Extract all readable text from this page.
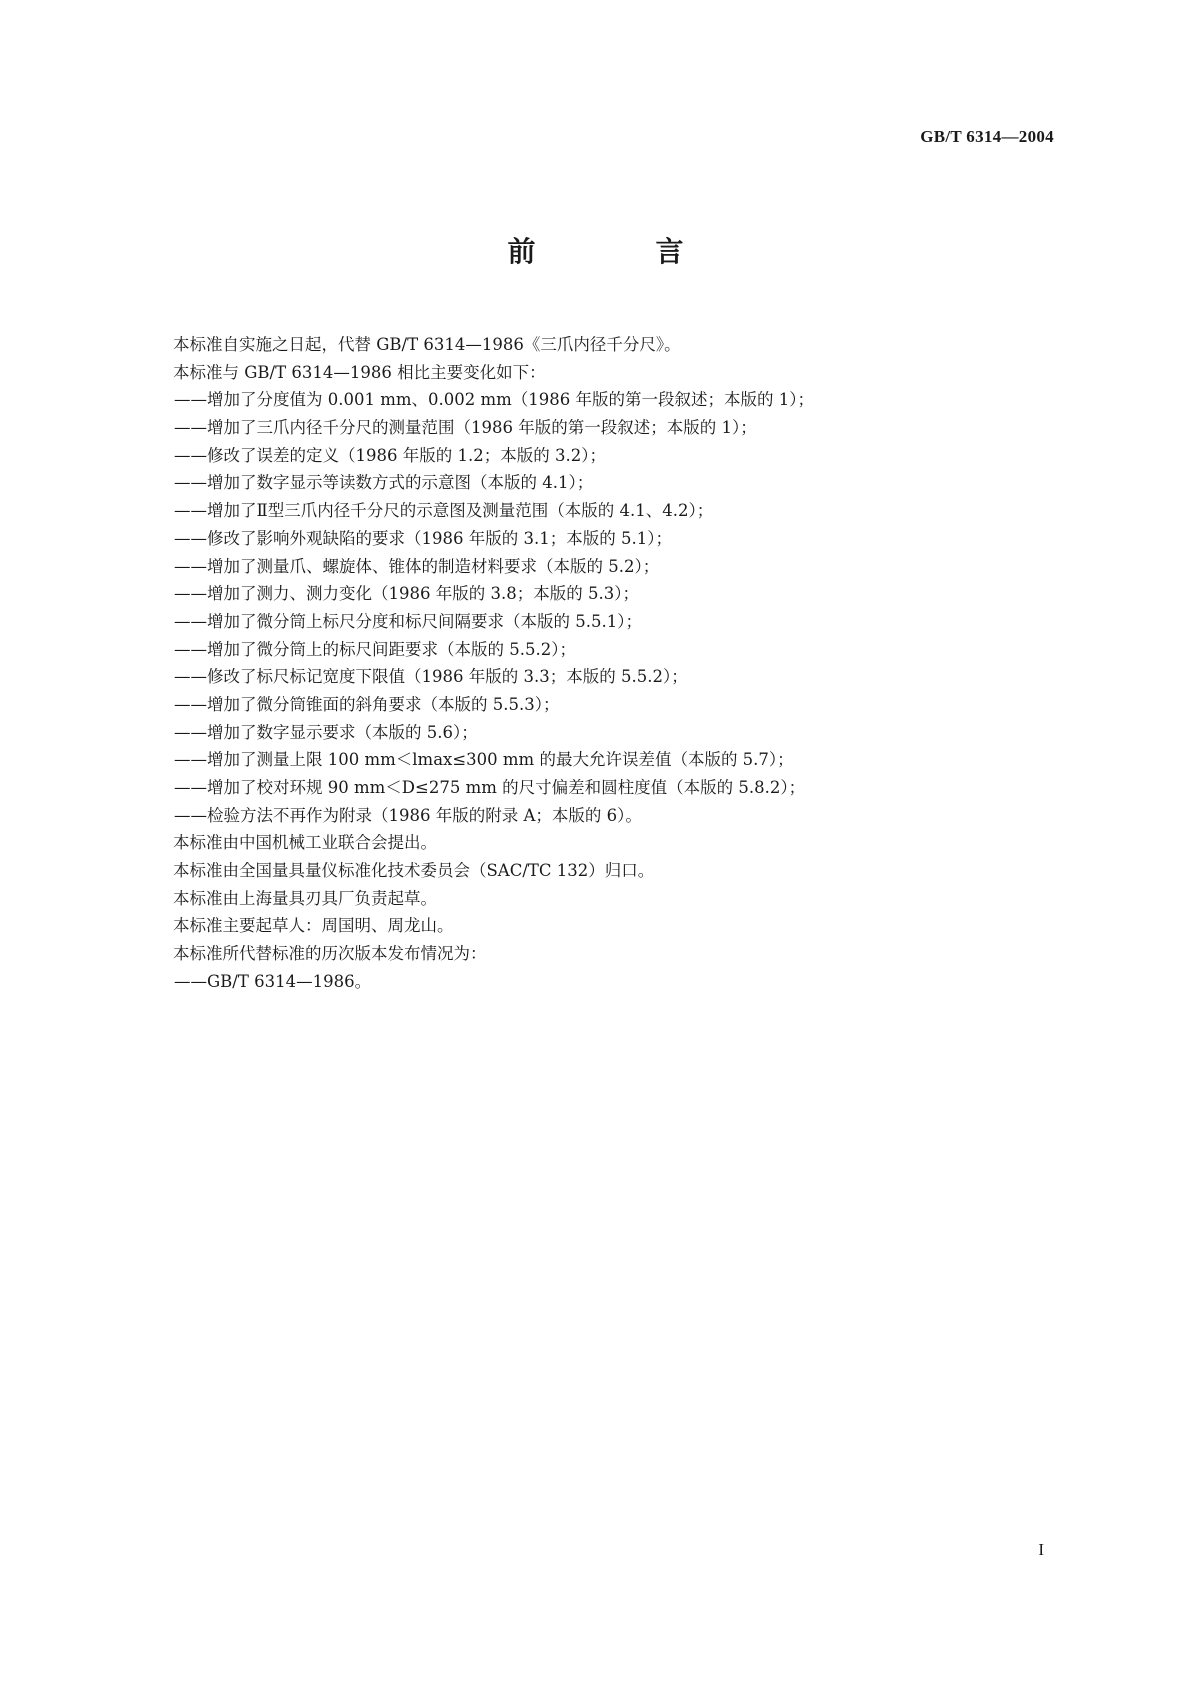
GB/T 6314—2004
前　言
本标准自实施之日起，代替 GB/T 6314—1986《三爪内径千分尺》。
本标准与 GB/T 6314—1986 相比主要变化如下：
——增加了分度值为 0.001 mm、0.002 mm（1986 年版的第一段叙述；本版的 1）；
——增加了三爪内径千分尺的测量范围（1986 年版的第一段叙述；本版的 1）；
——修改了误差的定义（1986 年版的 1.2；本版的 3.2）；
——增加了数字显示等读数方式的示意图（本版的 4.1）；
——增加了Ⅱ型三爪内径千分尺的示意图及测量范围（本版的 4.1、4.2）；
——修改了影响外观缺陷的要求（1986 年版的 3.1；本版的 5.1）；
——增加了测量爪、螺旋体、锥体的制造材料要求（本版的 5.2）；
——增加了测力、测力变化（1986 年版的 3.8；本版的 5.3）；
——增加了微分筒上标尺分度和标尺间隔要求（本版的 5.5.1）；
——增加了微分筒上的标尺间距要求（本版的 5.5.2）；
——修改了标尺标记宽度下限值（1986 年版的 3.3；本版的 5.5.2）；
——增加了微分筒锥面的斜角要求（本版的 5.5.3）；
——增加了数字显示要求（本版的 5.6）；
——增加了测量上限 100 mm＜lmax≤300 mm 的最大允许误差值（本版的 5.7）；
——增加了校对环规 90 mm＜D≤275 mm 的尺寸偏差和圆柱度值（本版的 5.8.2）；
——检验方法不再作为附录（1986 年版的附录 A；本版的 6）。
本标准由中国机械工业联合会提出。
本标准由全国量具量仪标准化技术委员会（SAC/TC 132）归口。
本标准由上海量具刃具厂负责起草。
本标准主要起草人：周国明、周龙山。
本标准所代替标准的历次版本发布情况为：
——GB/T 6314—1986。
I
